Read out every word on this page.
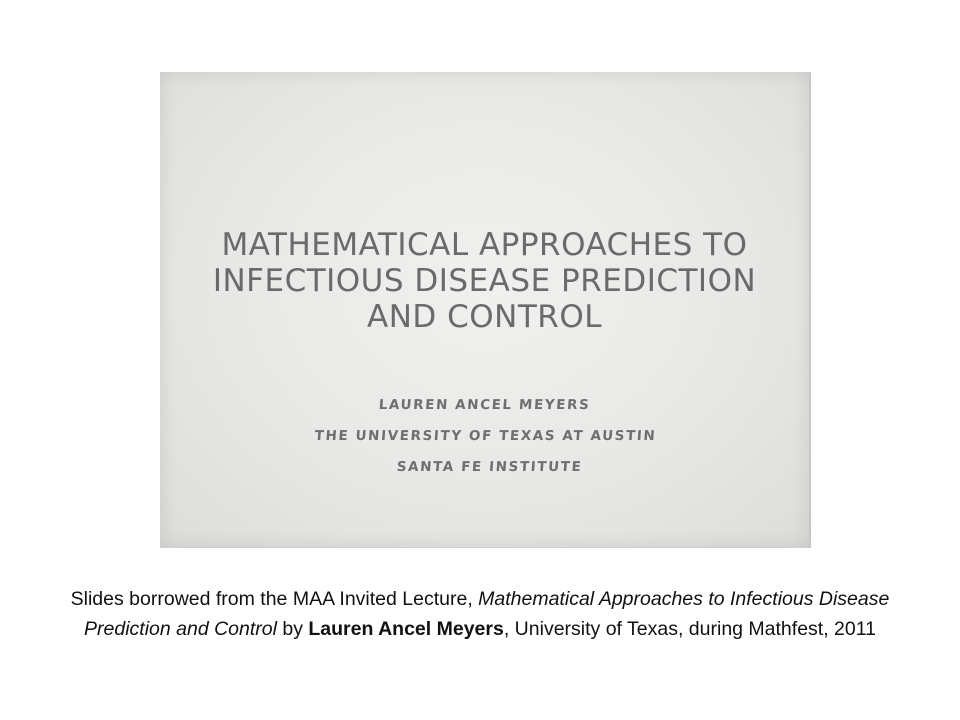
MATHEMATICAL APPROACHES TO
INFECTIOUS DISEASE PREDICTION
AND CONTROL
LAUREN ANCEL MEYERS
THE UNIVERSITY OF TEXAS AT AUSTIN
SANTA FE INSTITUTE
Slides borrowed from the MAA Invited Lecture, Mathematical Approaches to Infectious Disease Prediction and Control by Lauren Ancel Meyers, University of Texas, during Mathfest, 2011
